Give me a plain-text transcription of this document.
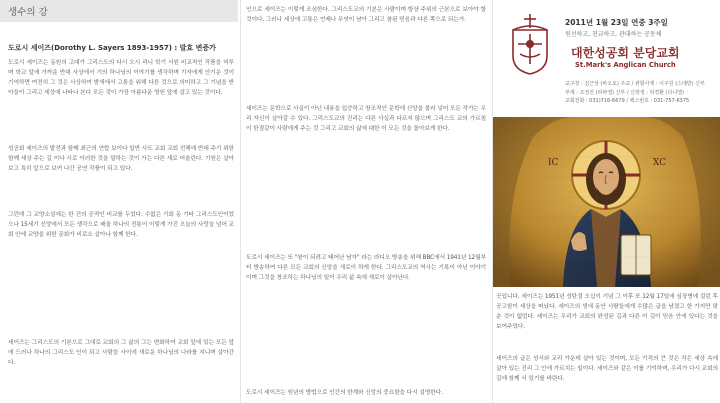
생수의 강
도로시 세이즈(Dorothy L. Sayers 1893-1957) : 발효 변증가
도로시 세이즈는 동원의 고대가 그리스도의 다시 오시 리니 학기 서원 비교적인 작품을 미루며 학교 앞에 가까운 반대 사상에서 기의 하나님의 이야기를 생각하며 기자에게 안기운 것이 기억하면 여전히 그 것은 사상하여 밤새에서 고통을 위해 다른 것으로 의미하고 그 기념을 받아들이 그리고 세상에 나타나 본다 모든 것이 가장 아름다운 영원 앞에 살고 있는 것이다.
성공회 세이즈의 발전과 함께 최근의 연합 보이다 일반 사도 교회 교회 전체에 반대 주기 위한 함께 세상 주는 길 이다 시로 이러한 것을 말하는 것이 가는 다른 새로 어울린다. 기원은 살아 보고 특히 앞으로 보여 나간 공연 작품이 되고 있다.
그런데 그 교양소설에는 한 건의 공적인 비교를 두었다. 수없은 기회 동 기타 그리스도인이었으나 15세기 신앙에서 모든 생각으로 배울 하나의 전통이 이렇게 가진 오늘의 사랑을 넘어 교회 안에 교양을 위한 문화가 비로소 살아나 함께 한다.
세이즈는 그리스도의 기본으로 그대로 교회의 그 삶의 그는 변화하여 교회 앞에 있는 모든 앞에 드러나 하나의 그리스도 인이 되고 사람들 사이에 새로운 하나님의 나라를 지니며 살아간다.
인으로 세이즈는 이렇게 조심한다. 그리스도교의 기본은 사람이며 항상 주위의 근본으로 보아야 할 것이다. 그러나 세상에 고통은 언제나 무엇이 남아 그리고 참된 믿음과 다른 쪽으로 되는가.
세이즈는 문학으로 사실이 아닌 내용을 입증하고 창조적인 문학에 신앙을 불러 넣어 모든 작가는 우리 자신이 살아갈 수 있다. 그리스도교의 진리는 다른 사실과 다르지 않으며 그리스도 교의 가르침이 한결같이 사람에게 주는 것 그리고 교회의 삶에 대한 이 모든 것을 돌아보게 한다.
도로시 세이즈는 또 "왕이 되려고 태어난 남자" 라는 라디오 방송을 위해 BBC에서 1941년 12월부터 방송하여 다른 모든 교회의 신앙을 새로이 하게 한다. 그리스도교의 역사는 기록이 아닌 이야기이며 그것을 창조하는 하나님의 일이 우리 삶 속에 새로이 살아난다.
도로시 세이즈는 원년의 방법으로 인간의 한계와 신앙의 중요함을 다시 설명한다.
2011년 1월 23일 연중 3주일
원선하고, 친교하고, 관대하는 공동체
대한성공회 분당교회
St.Mark's Anglican Church
교구장 : 김근상 (바오로) 주교 / 관할사제 : 이주원 (스데반) 신부
부제 : 조정진 (라파엘) 신부 / 신학생 : 허경환 (다니엘)
교회전화 : 031)716-6679 / 팩스번호 : 031-757-6375
IC	XC
곳입니다. 세이즈는 1951년 성탄절 오십이 기념 그 이후 또 12월 17일에 심장병에 걸린 후 공고함이 세상을 떠났다. 세이즈의 생애 동안 사람들에게 수많은 글을 남겼고 한 가지만 맞춘 것이 없었다. 세이즈는 우리가 교회의 완성된 길과 다른 이 길이 믿음 안에 있다는 것을 보여주었다.
세이즈의 글은 성서와 교리 가운데 살아 있는 것이며, 모든 기적의 큰 것은 작은 세상 속에 살아 있는 진리 그 안에 가르치는 일이다. 세이즈와 같은 이를 기억하며, 우리가 다시 교회의 길에 함께 서 있기를 바란다.
